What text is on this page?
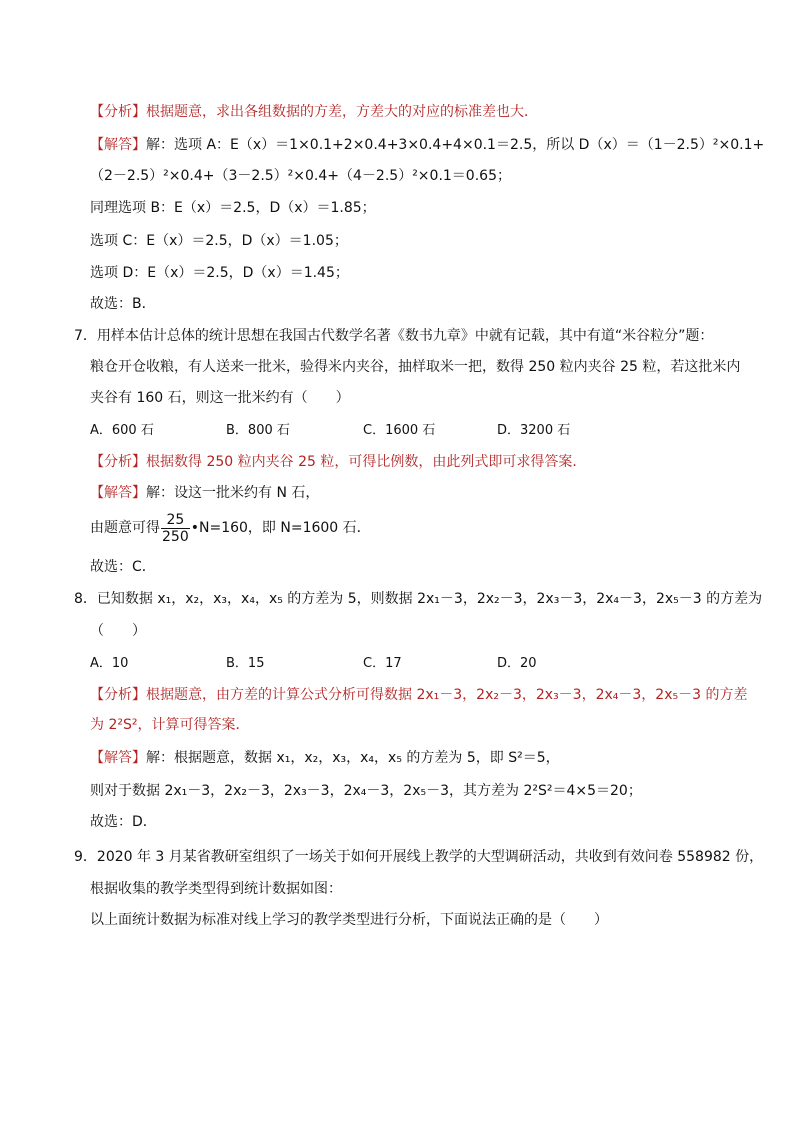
【分析】根据题意，求出各组数据的方差，方差大的对应的标准差也大．
【解答】解：选项 A：E（x）＝1×0.1+2×0.4+3×0.4+4×0.1＝2.5，所以 D（x）＝（1－2.5）²×0.1+
（2－2.5）²×0.4+（3－2.5）²×0.4+（4－2.5）²×0.1＝0.65；
同理选项 B：E（x）＝2.5，D（x）＝1.85；
选项 C：E（x）＝2.5，D（x）＝1.05；
选项 D：E（x）＝2.5，D（x）＝1.45；
故选：B．
7．用样本估计总体的统计思想在我国古代数学名著《数书九章》中就有记载，其中有道“米谷粒分”题：
粮仓开仓收粮，有人送来一批米，验得米内夹谷，抽样取米一把，数得 250 粒内夹谷 25 粒，若这批米内
夹谷有 160 石，则这一批米约有（　　）
A．600 石	B．800 石	C．1600 石	D．3200 石
【分析】根据数得 250 粒内夹谷 25 粒，可得比例数，由此列式即可求得答案．
【解答】解：设这一批米约有 N 石，
由题意可得 $\frac{25}{250}$ •N=160，即 N=1600 石．
故选：C．
8．已知数据 x₁，x₂，x₃，x₄，x₅ 的方差为 5，则数据 2x₁－3，2x₂－3，2x₃－3，2x₄－3，2x₅－3 的方差为
（　　）
A．10	B．15	C．17	D．20
【分析】根据题意，由方差的计算公式分析可得数据 2x₁－3，2x₂－3，2x₃－3，2x₄－3，2x₅－3 的方差
为 2²S²，计算可得答案．
【解答】解：根据题意，数据 x₁，x₂，x₃，x₄，x₅ 的方差为 5，即 S²＝5，
则对于数据 2x₁－3，2x₂－3，2x₃－3，2x₄－3，2x₅－3，其方差为 2²S²＝4×5＝20；
故选：D．
9．2020 年 3 月某省教研室组织了一场关于如何开展线上教学的大型调研活动，共收到有效问卷 558982 份，
根据收集的教学类型得到统计数据如图：
以上面统计数据为标准对线上学习的教学类型进行分析，下面说法正确的是（　　）
